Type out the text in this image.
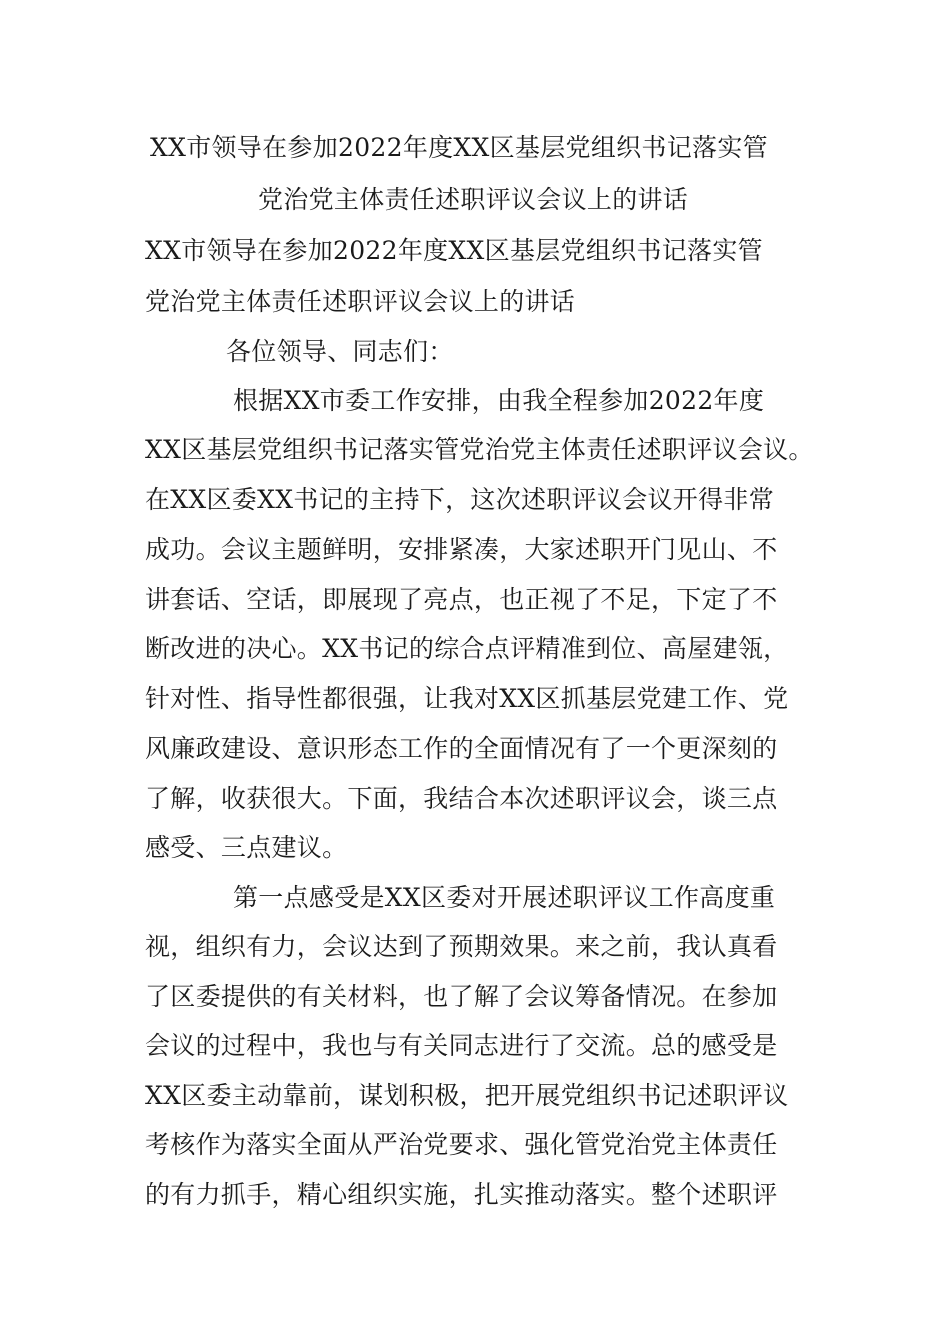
XX市领导在参加2022年度XX区基层党组织书记落实管
党治党主体责任述职评议会议上的讲话
XX市领导在参加2022年度XX区基层党组织书记落实管
党治党主体责任述职评议会议上的讲话
各位领导、同志们：
根据XX市委工作安排，由我全程参加2022年度
XX区基层党组织书记落实管党治党主体责任述职评议会议。
在XX区委XX书记的主持下，这次述职评议会议开得非常
成功。会议主题鲜明，安排紧凑，大家述职开门见山、不
讲套话、空话，即展现了亮点，也正视了不足，下定了不
断改进的决心。XX书记的综合点评精准到位、高屋建瓴，
针对性、指导性都很强，让我对XX区抓基层党建工作、党
风廉政建设、意识形态工作的全面情况有了一个更深刻的
了解，收获很大。下面，我结合本次述职评议会，谈三点
感受、三点建议。
第一点感受是XX区委对开展述职评议工作高度重
视，组织有力，会议达到了预期效果。来之前，我认真看
了区委提供的有关材料，也了解了会议筹备情况。在参加
会议的过程中，我也与有关同志进行了交流。总的感受是
XX区委主动靠前，谋划积极，把开展党组织书记述职评议
考核作为落实全面从严治党要求、强化管党治党主体责任
的有力抓手，精心组织实施，扎实推动落实。整个述职评
